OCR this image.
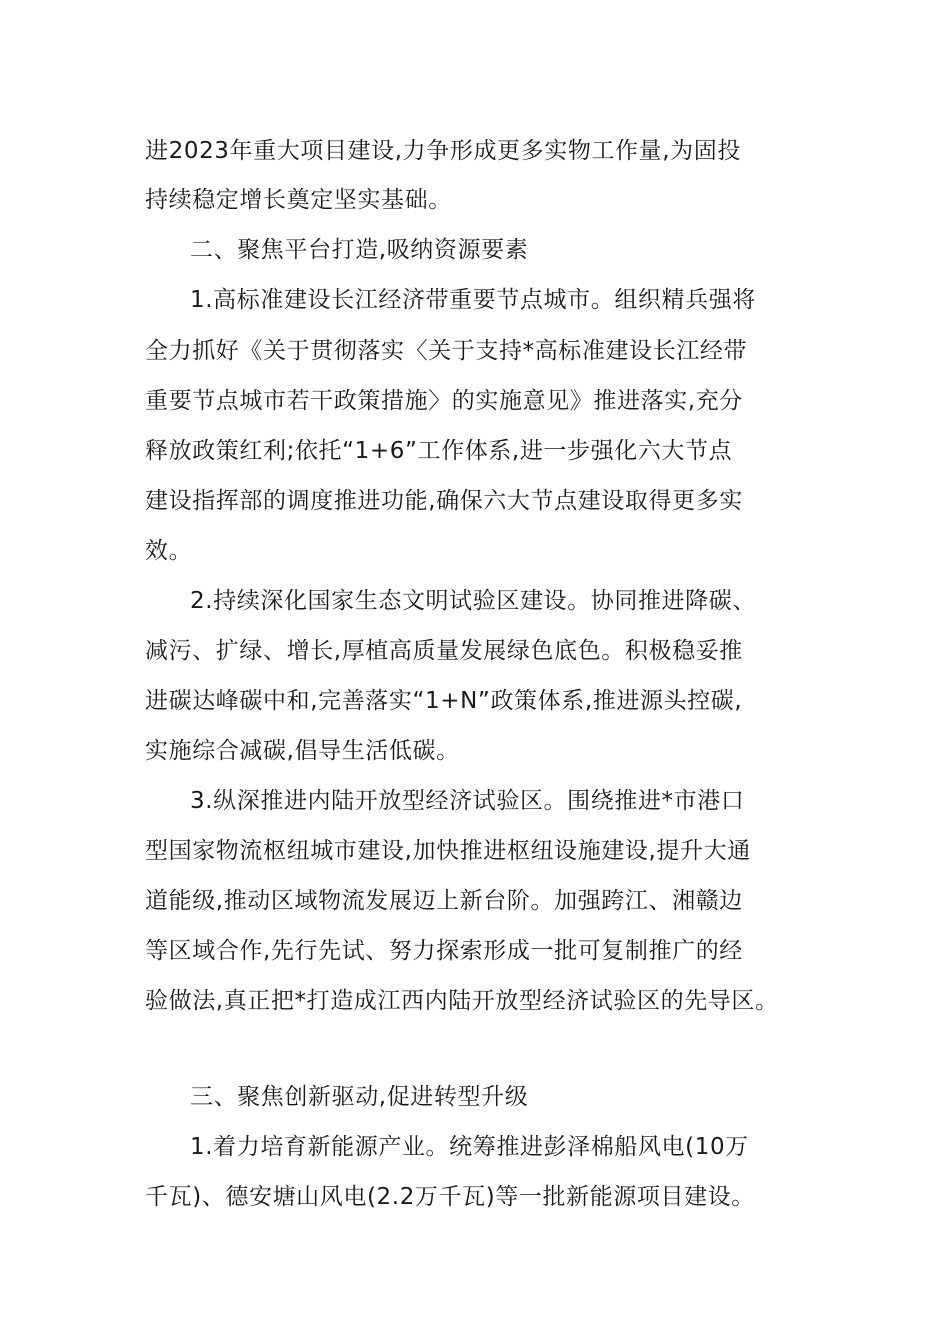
进2023年重大项目建设,力争形成更多实物工作量,为固投
持续稳定增长奠定坚实基础。
二、聚焦平台打造,吸纳资源要素
1.高标准建设长江经济带重要节点城市。组织精兵强将
全力抓好《关于贯彻落实〈关于支持*高标准建设长江经带
重要节点城市若干政策措施〉的实施意见》推进落实,充分
释放政策红利;依托“1+6”工作体系,进一步强化六大节点
建设指挥部的调度推进功能,确保六大节点建设取得更多实
效。
2.持续深化国家生态文明试验区建设。协同推进降碳、
减污、扩绿、增长,厚植高质量发展绿色底色。积极稳妥推
进碳达峰碳中和,完善落实“1+N”政策体系,推进源头控碳,
实施综合减碳,倡导生活低碳。
3.纵深推进内陆开放型经济试验区。围绕推进*市港口
型国家物流枢纽城市建设,加快推进枢纽设施建设,提升大通
道能级,推动区域物流发展迈上新台阶。加强跨江、湘赣边
等区域合作,先行先试、努力探索形成一批可复制推广的经
验做法,真正把*打造成江西内陆开放型经济试验区的先导区。
三、聚焦创新驱动,促进转型升级
1.着力培育新能源产业。统筹推进彭泽棉船风电(10万
千瓦)、德安塘山风电(2.2万千瓦)等一批新能源项目建设。
